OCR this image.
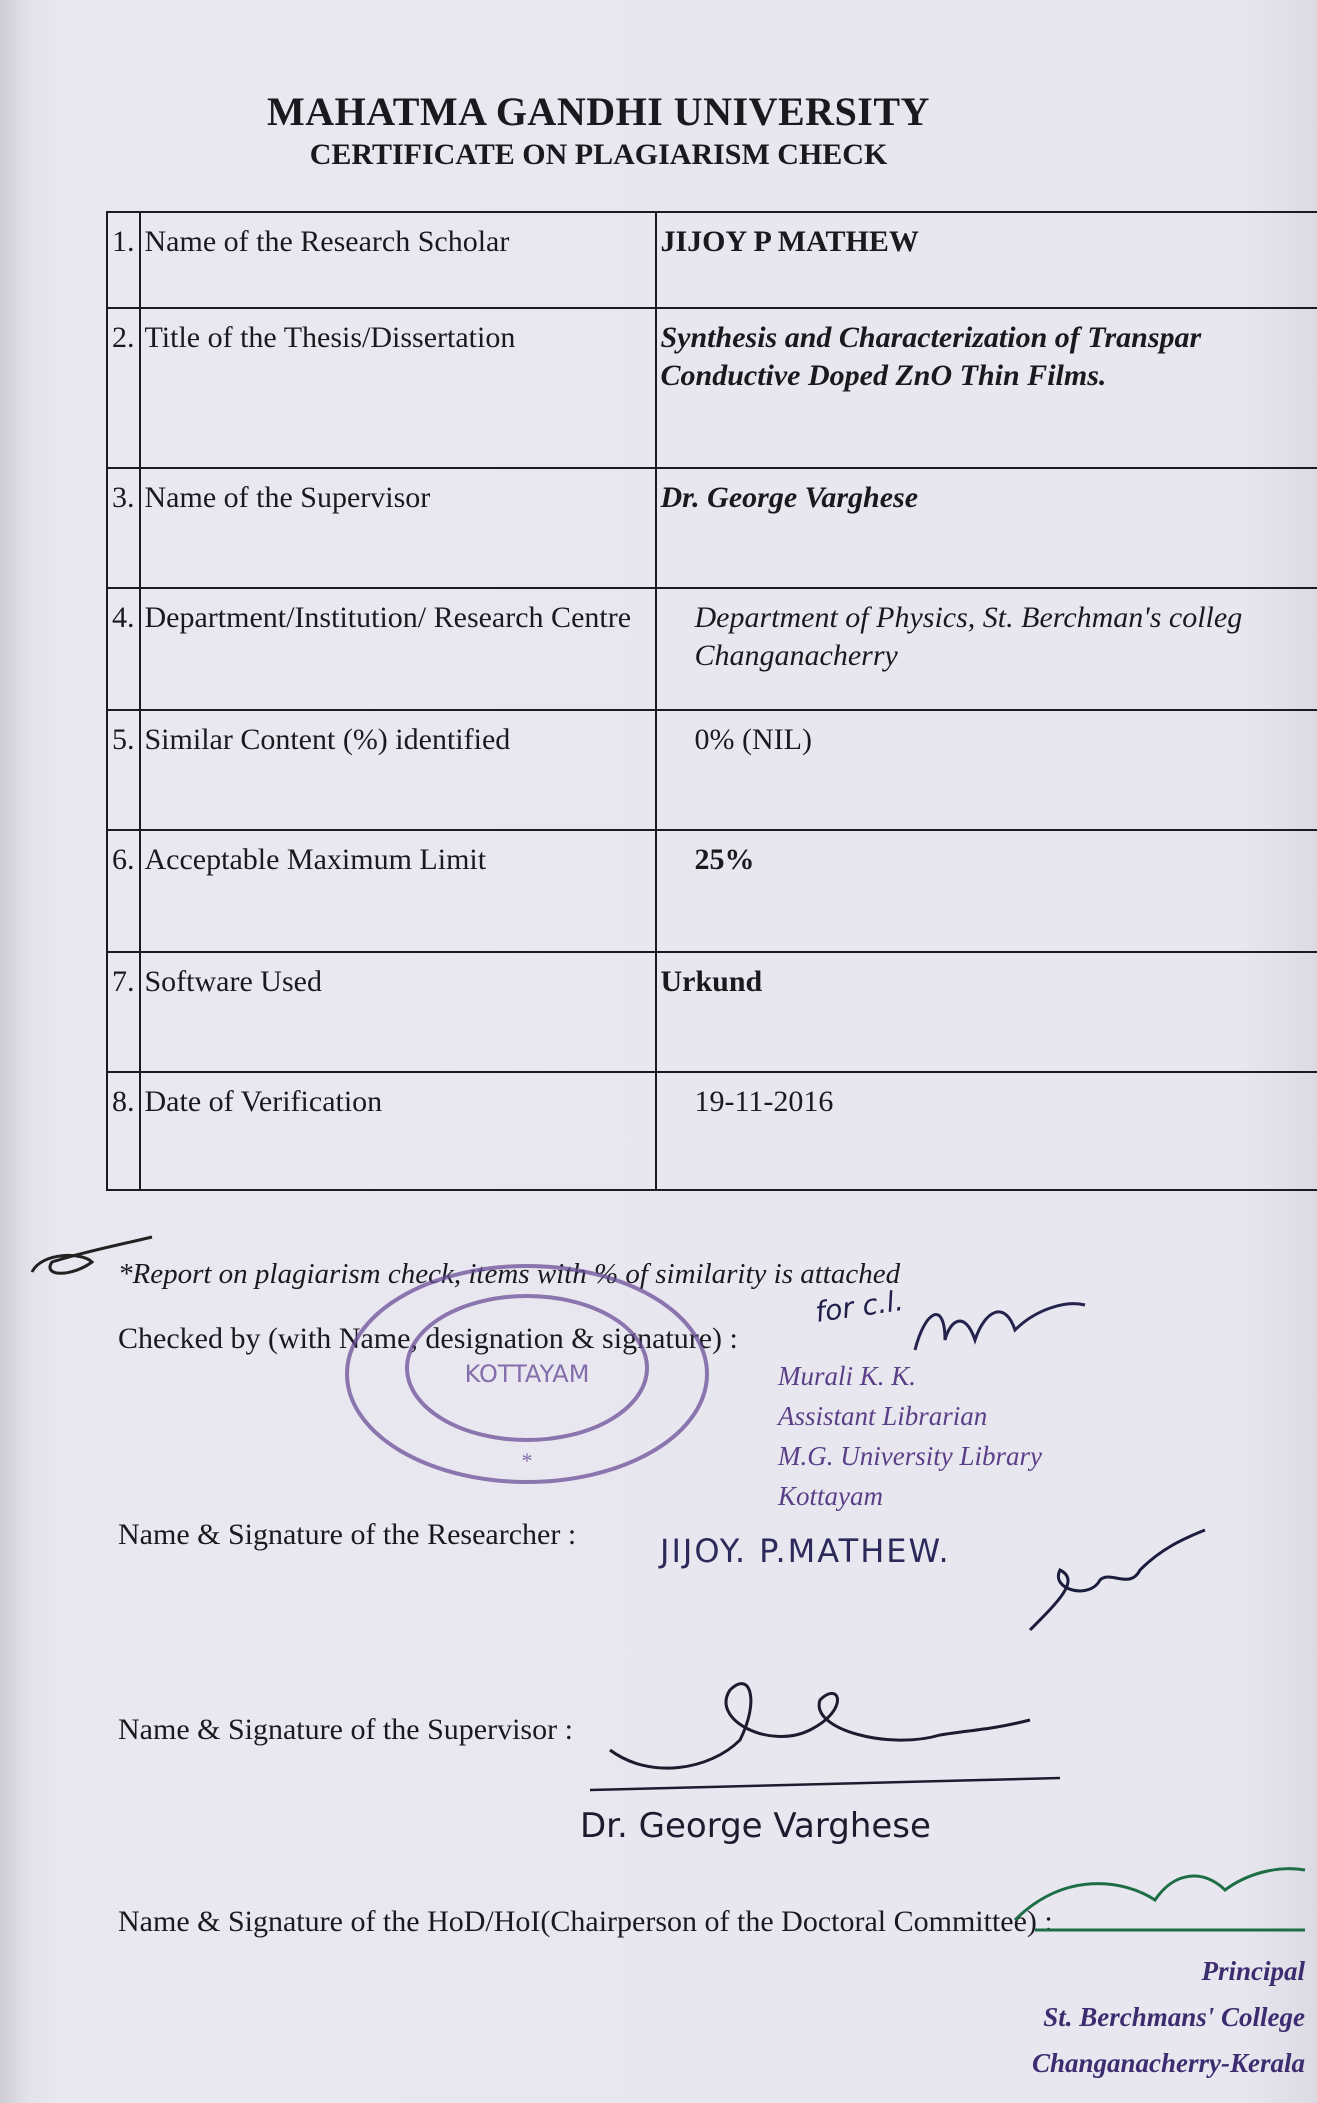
MAHATMA GANDHI UNIVERSITY
CERTIFICATE ON PLAGIARISM CHECK
1.	Name of the Research Scholar	JIJOY P MATHEW
2.	Title of the Thesis/Dissertation	Synthesis and Characterization of Transpar Conductive Doped ZnO Thin Films.

3.	Name of the Supervisor	Dr. George Varghese
4.	Department/Institution/ Research Centre	Department of Physics, St. Berchman's colleg Changanacherry

5.	Similar Content (%) identified	0% (NIL)
6.	Acceptable Maximum Limit	25%
7.	Software Used	Urkund
8.	Date of Verification	19-11-2016
*Report on plagiarism check, items with % of similarity is attached
Checked by (with Name, designation & signature) :
KOTTAYAM
*
for c.l.
Murali K. K.
Assistant Librarian
M.G. University Library
Kottayam
Name & Signature of the Researcher :	JIJOY. P.MATHEW.
Name & Signature of the Supervisor :
Dr. George Varghese
Name & Signature of the HoD/HoI(Chairperson of the Doctoral Committee) :
Principal
St. Berchmans' College
Changanacherry-Kerala
